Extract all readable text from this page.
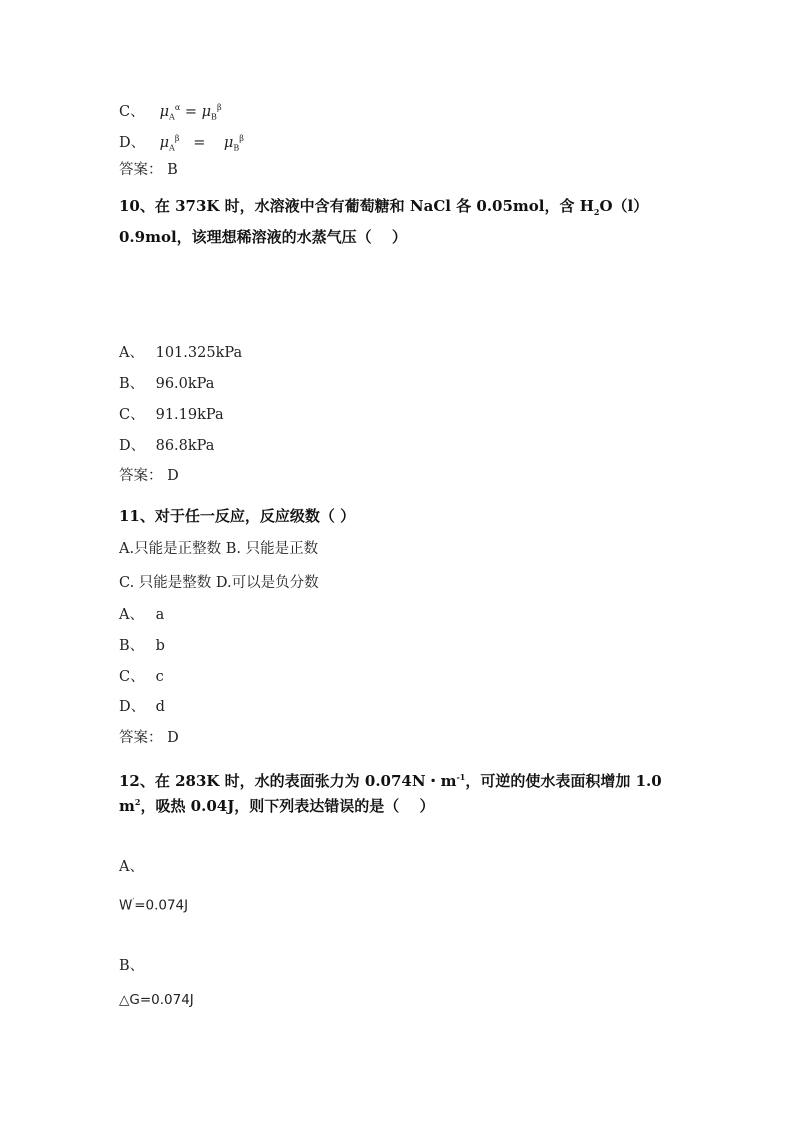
C、 $\mu_A^\alpha = \mu_B^\beta$
D、 $\mu_A^\beta = \mu_B^\beta$
答案： B
10、在 373K 时，水溶液中含有葡萄糖和 NaCl 各 0.05mol，含 $H_2O(l)$
0.9mol，该理想稀溶液的水蒸气压（　 ）
A、 101.325kPa
B、 96.0kPa
C、 91.19kPa
D、 86.8kPa
答案： D
11、对于任一反应，反应级数（ ）
A.只能是正整数 B. 只能是正数
C. 只能是整数 D.可以是负分数
A、 a
B、 b
C、 c
D、 d
答案： D
12、在 283K 时，水的表面张力为 0.074N・$m^{-1}$，可逆的使水表面积增加 1.0
$m^2$，吸热 0.04J，则下列表达错误的是（　 ）
A、
W′=0.074J
B、
△G=0.074J
